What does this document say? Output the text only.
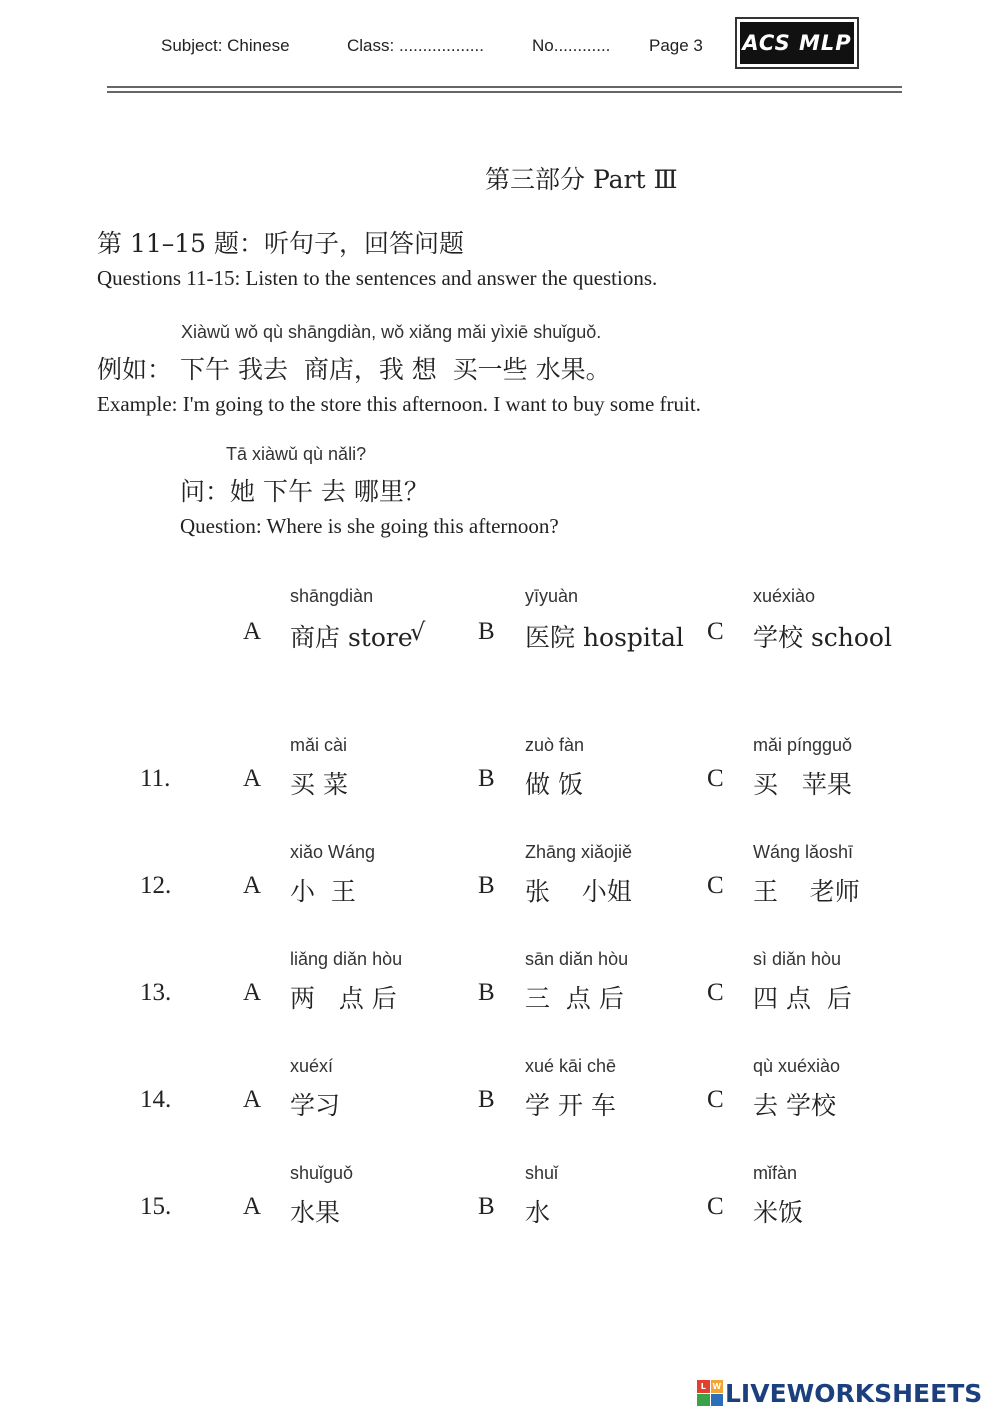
Subject: Chinese	Class: ..................	No............ Page 3 ACS MLP
第三部分 Part Ⅲ
第 11–15 题：听句子，回答问题
Questions 11-15: Listen to the sentences and answer the questions.
Xiàwǔ wǒ qù shāngdiàn, wǒ xiǎng mǎi yìxiē shuǐguǒ.
例如： 下午 我去  商店，我 想  买一些 水果。
Example: I'm going to the store this afternoon. I want to buy some fruit.
Tā xiàwǔ qù nǎli?
问：她 下午 去 哪里？
Question: Where is she going this afternoon?
shāngdiàn
A 商店 store
√
yīyuàn
B 医院 hospital
xuéxiào
C 学校 school
11.
mǎi cài
A 买 菜
zuò fàn
B 做 饭
mǎi píngguǒ
C 买   苹果
12.
xiǎo Wáng
A 小  王
Zhāng xiǎojiě
B 张    小姐
Wáng lǎoshī
C 王    老师
13.
liǎng diǎn hòu
A 两   点 后
sān diǎn hòu
B 三  点 后
sì diǎn hòu
C 四 点  后
14.
xuéxí
A 学习
xué kāi chē
B 学 开 车
qù xuéxiào
C 去 学校
15.
shuǐguǒ
A 水果
shuǐ
B 水
mǐfàn
C 米饭
L W LIVEWORKSHEETS
